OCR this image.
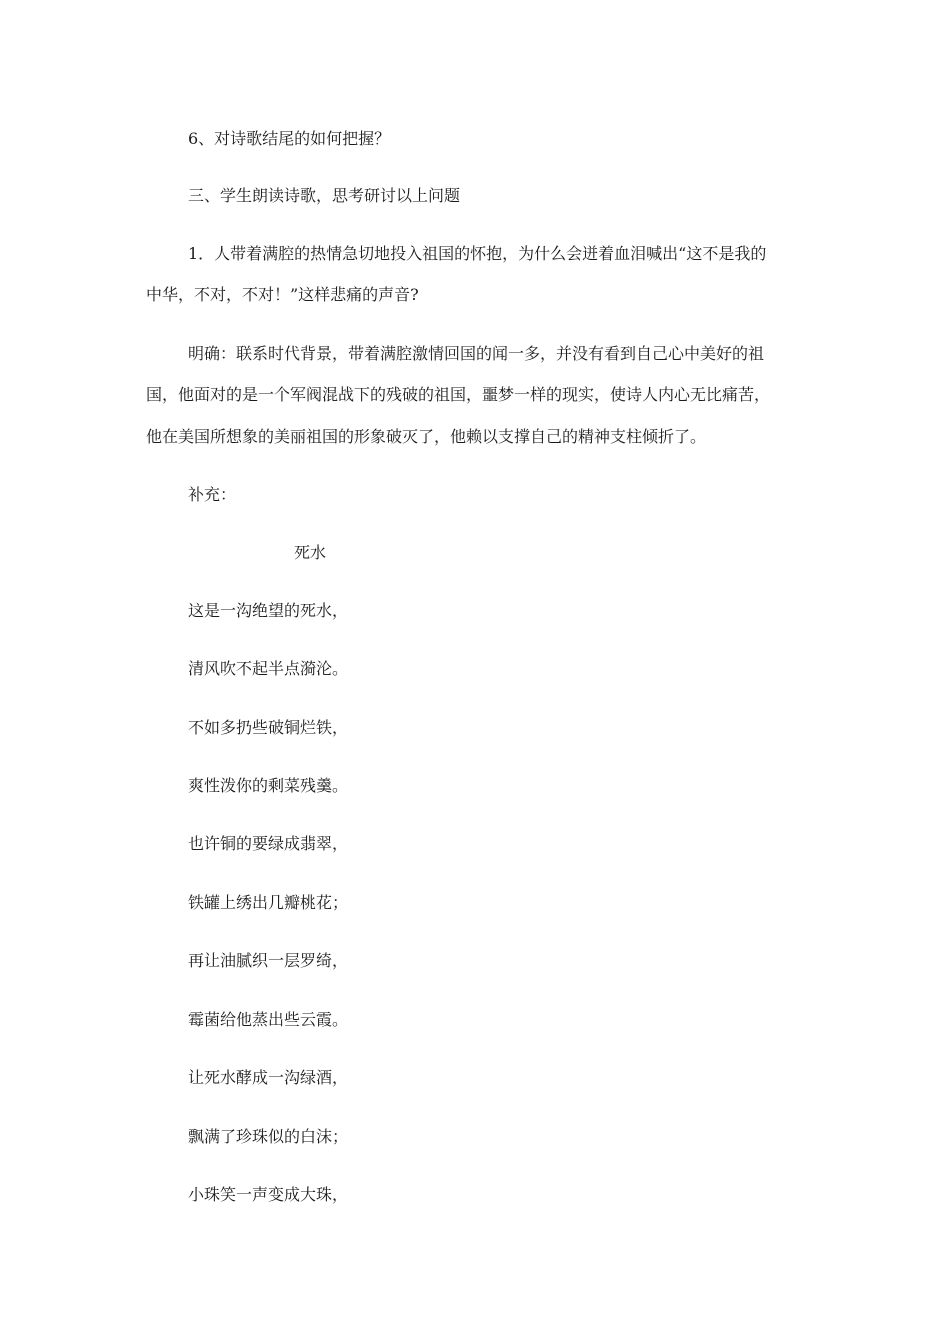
6、对诗歌结尾的如何把握？
三、学生朗读诗歌，思考研讨以上问题
1．人带着满腔的热情急切地投入祖国的怀抱，为什么会迸着血泪喊出“这不是我的
中华，不对，不对！”这样悲痛的声音?
明确：联系时代背景，带着满腔激情回国的闻一多，并没有看到自己心中美好的祖
国，他面对的是一个军阀混战下的残破的祖国，噩梦一样的现实，使诗人内心无比痛苦，
他在美国所想象的美丽祖国的形象破灭了，他赖以支撑自己的精神支柱倾折了。
补充：
死水
这是一沟绝望的死水，
清风吹不起半点漪沦。
不如多扔些破铜烂铁，
爽性泼你的剩菜残羹。
也许铜的要绿成翡翠，
铁罐上绣出几瓣桃花；
再让油腻织一层罗绮，
霉菌给他蒸出些云霞。
让死水酵成一沟绿酒，
飘满了珍珠似的白沫；
小珠笑一声变成大珠，
